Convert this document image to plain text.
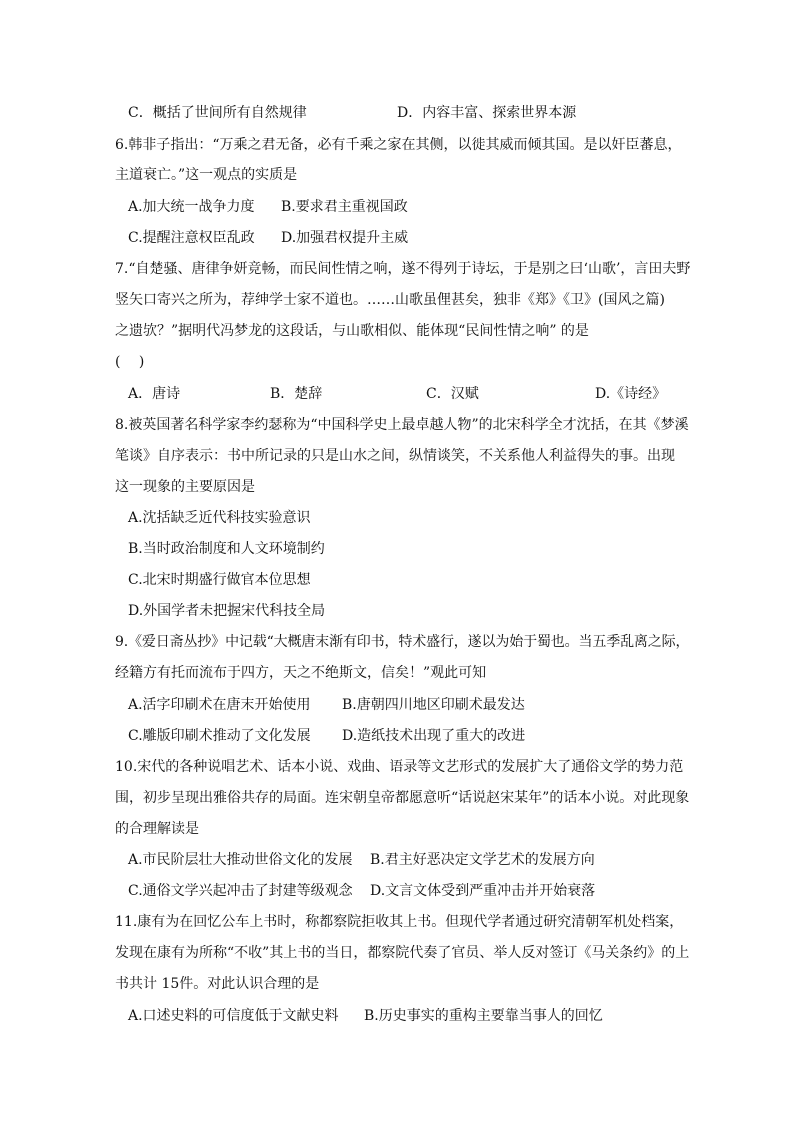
C．概括了世间所有自然规律	D．内容丰富、探索世界本源
6.韩非子指出：“万乘之君无备，必有千乘之家在其侧，以徙其威而倾其国。是以奸臣蕃息，
主道衰亡。”这一观点的实质是
A.加大统一战争力度 B.要求君主重视国政
C.提醒注意权臣乱政 D.加强君权提升主威
7.“自楚骚、唐律争妍竞畅，而民间性情之响，遂不得列于诗坛，于是别之曰‘山歌’，言田夫野
竖矢口寄兴之所为，荐绅学士家不道也。……山歌虽俚甚矣，独非《郑》《卫》(国风之篇)
之遗欤？”据明代冯梦龙的这段话，与山歌相似、能体现“民间性情之响” 的是
(　 )
A．唐诗	B．楚辞	C．汉赋	D.《诗经》
8.被英国著名科学家李约瑟称为“中国科学史上最卓越人物”的北宋科学全才沈括，在其《梦溪
笔谈》自序表示：书中所记录的只是山水之间，纵情谈笑，不关系他人利益得失的事。出现
这一现象的主要原因是
A.沈括缺乏近代科技实验意识
B.当时政治制度和人文环境制约
C.北宋时期盛行做官本位思想
D.外国学者未把握宋代科技全局
9.《爱日斋丛抄》中记载“大概唐末渐有印书，特术盛行，遂以为始于蜀也。当五季乱离之际，
经籍方有托而流布于四方，天之不绝斯文，信矣！”观此可知
A.活字印刷术在唐末开始使用 B.唐朝四川地区印刷术最发达
C.雕版印刷术推动了文化发展 D.造纸技术出现了重大的改进
10.宋代的各种说唱艺术、话本小说、戏曲、语录等文艺形式的发展扩大了通俗文学的势力范
围，初步呈现出雅俗共存的局面。连宋朝皇帝都愿意听“话说赵宋某年”的话本小说。对此现象
的合理解读是
A.市民阶层壮大推动世俗文化的发展 B.君主好恶决定文学艺术的发展方向
C.通俗文学兴起冲击了封建等级观念 D.文言文体受到严重冲击并开始衰落
11.康有为在回忆公车上书时，称都察院拒收其上书。但现代学者通过研究清朝军机处档案，
发现在康有为所称“不收”其上书的当日，都察院代奏了官员、举人反对签订《马关条约》的上
书共计 15件。对此认识合理的是
A.口述史料的可信度低于文献史料 B.历史事实的重构主要靠当事人的回忆
